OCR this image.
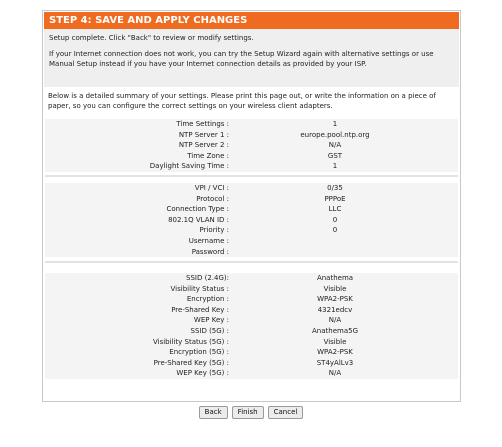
STEP 4: SAVE AND APPLY CHANGES

Setup complete. Click "Back" to review or modify settings.

If your Internet connection does not work, you can try the Setup Wizard again with alternative settings or use Manual Setup instead if you have your Internet connection details as provided by your ISP.

Below is a detailed summary of your settings. Please print this page out, or write the information on a piece of paper, so you can configure the correct settings on your wireless client adapters.
Time Settings :	1
NTP Server 1 :	europe.pool.ntp.org
NTP Server 2 :	N/A
Time Zone :	GST
Daylight Saving Time :	1
VPI / VCI :	0/35
Protocol :	PPPoE
Connection Type :	LLC
802.1Q VLAN ID :	0
Priority :	0
Username :
Password :
SSID (2.4G):	Anathema
Visibility Status :	Visible
Encryption :	WPA2-PSK
Pre-Shared Key :	4321edcv
WEP Key :	N/A
SSID (5G) :	Anathema5G
Visibility Status (5G) :	Visible
Encryption (5G) :	WPA2-PSK
Pre-Shared Key (5G) :	ST4yAlLv3
WEP Key (5G) :	N/A
Back	Finish	Cancel
